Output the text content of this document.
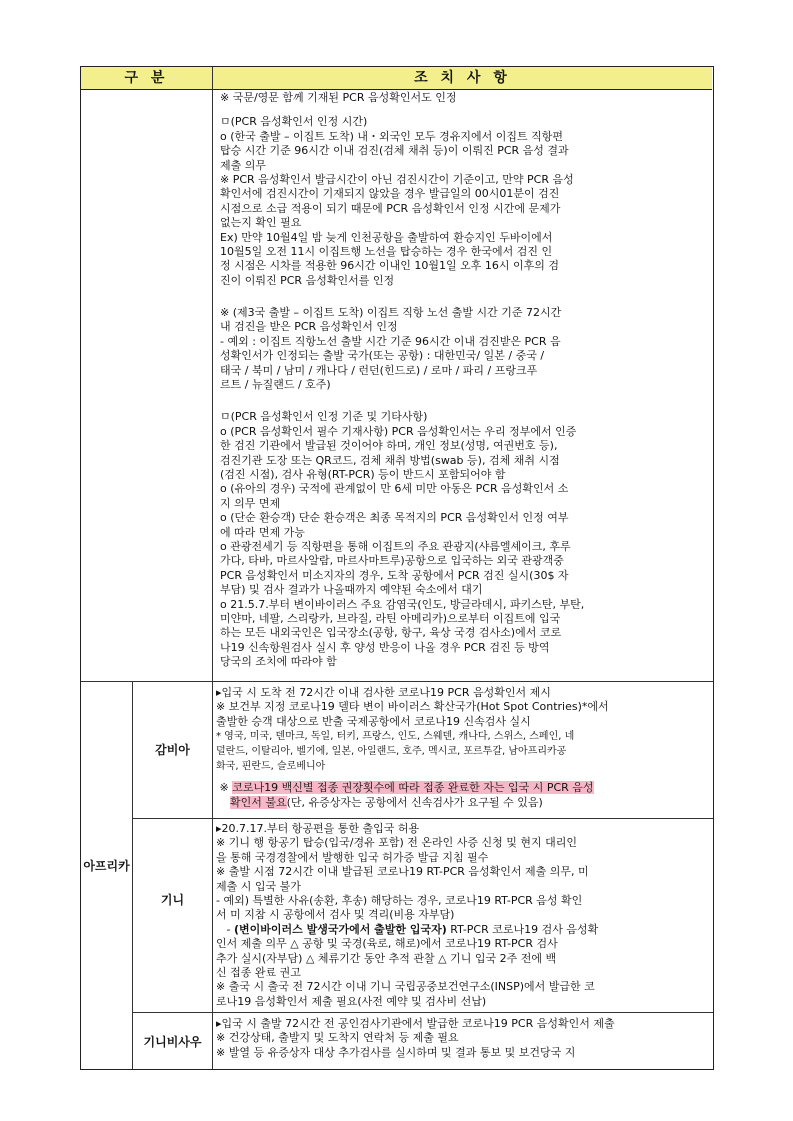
구 분	조 치 사 항
※ 국문/영문 함께 기재된 PCR 음성확인서도 인정
ㅁ(PCR 음성확인서 인정 시간)
o (한국 출발 – 이집트 도착) 내・외국인 모두 경유지에서 이집트 직항편
탑승 시간 기준 96시간 이내 검진(검체 채취 등)이 이뤄진 PCR 음성 결과
제출 의무
※ PCR 음성확인서 발급시간이 아닌 검진시간이 기준이고, 만약 PCR 음성
확인서에 검진시간이 기재되지 않았을 경우 발급일의 00시01분이 검진
시점으로 소급 적용이 되기 때문에 PCR 음성확인서 인정 시간에 문제가
없는지 확인 필요
Ex) 만약 10월4일 밤 늦게 인천공항을 출발하여 환승지인 두바이에서
10월5일 오전 11시 이집트행 노선을 탑승하는 경우 한국에서 검진 인
정 시점은 시차를 적용한 96시간 이내인 10월1일 오후 16시 이후의 검
진이 이뤄진 PCR 음성확인서를 인정
※ (제3국 출발 – 이집트 도착) 이집트 직항 노선 출발 시간 기준 72시간
내 검진을 받은 PCR 음성확인서 인정
- 예외 : 이집트 직항노선 출발 시간 기준 96시간 이내 검진받은 PCR 음
성확인서가 인정되는 출발 국가(또는 공항) : 대한민국/ 일본 / 중국 /
태국 / 북미 / 남미 / 캐나다 / 런던(힌드로) / 로마 / 파리 / 프랑크푸
르트 / 뉴질랜드 / 호주)
ㅁ(PCR 음성확인서 인정 기준 및 기타사항)
o (PCR 음성확인서 필수 기재사항) PCR 음성확인서는 우리 정부에서 인증
한 검진 기관에서 발급된 것이어야 하며, 개인 정보(성명, 여권번호 등),
검진기관 도장 또는 QR코드, 검체 채취 방법(swab 등), 검체 채취 시점
(검진 시점), 검사 유형(RT-PCR) 등이 반드시 포함되어야 함
o (유아의 경우) 국적에 관계없이 만 6세 미만 아동은 PCR 음성확인서 소
지 의무 면제
o (단순 환승객) 단순 환승객은 최종 목적지의 PCR 음성확인서 인정 여부
에 따라 면제 가능
o 관광전세기 등 직항편을 통해 이집트의 주요 관광지(샤름엘셰이크, 후루
가다, 타바, 마르사알람, 마르사마트루)공항으로 입국하는 외국 관광객중
PCR 음성확인서 미소지자의 경우, 도착 공항에서 PCR 검진 실시(30$ 자
부담) 및 검사 결과가 나올때까지 예약된 숙소에서 대기
o 21.5.7.부터 변이바이러스 주요 감염국(인도, 방글라데시, 파키스탄, 부탄,
미얀마, 네팔, 스리랑카, 브라질, 라틴 아메리카)으로부터 이집트에 입국
하는 모든 내외국인은 입국장소(공항, 항구, 육상 국경 검사소)에서 코로
나19 신속항원검사 실시 후 양성 반응이 나올 경우 PCR 검진 등 방역
당국의 조치에 따라야 함
아프리카
감비아
▸입국 시 도착 전 72시간 이내 검사한 코로나19 PCR 음성확인서 제시
※ 보건부 지정 코로나19 델타 변이 바이러스 확산국가(Hot Spot Contries)*에서
출발한 승객 대상으로 반출 국제공항에서 코로나19 신속검사 실시
* 영국, 미국, 덴마크, 독일, 터키, 프랑스, 인도, 스웨덴, 캐나다, 스위스, 스페인, 네
덜란드, 이탈리아, 벨기에, 일본, 아일랜드, 호주, 멕시코, 포르투갈, 남아프리카공
화국, 핀란드, 슬로베니아
※ 코로나19 백신별 접종 권장횟수에 따라 접종 완료한 자는 입국 시 PCR 음성
확인서 불요(단, 유증상자는 공항에서 신속검사가 요구될 수 있음)
기니
▸20.7.17.부터 항공편을 통한 출입국 허용
※ 기니 행 항공기 탑승(입국/경유 포함) 전 온라인 사증 신청 및 현지 대리인
을 통해 국경경찰에서 발행한 입국 허가증 발급 지침 필수
※ 출발 시점 72시간 이내 발급된 코로나19 RT-PCR 음성확인서 제출 의무, 미
제출 시 입국 불가
- 예외) 특별한 사유(송환, 후송) 해당하는 경우, 코로나19 RT-PCR 음성 확인
서 미 지참 시 공항에서 검사 및 격리(비용 자부담)
- (변이바이러스 발생국가에서 출발한 입국자) RT-PCR 코로나19 검사 음성확
인서 제출 의무 △ 공항 및 국경(육로, 해로)에서 코로나19 RT-PCR 검사
추가 실시(자부담) △ 체류기간 동안 추적 관찰 △ 기니 입국 2주 전에 백
신 접종 완료 권고
※ 출국 시 출국 전 72시간 이내 기니 국립공중보건연구소(INSP)에서 발급한 코
로나19 음성확인서 제출 필요(사전 예약 및 검사비 선납)
기니비사우
▸입국 시 출발 72시간 전 공인검사기관에서 발급한 코로나19 PCR 음성확인서 제출
※ 건강상태, 출발지 및 도착지 연락처 등 제출 필요
※ 발열 등 유증상자 대상 추가검사를 실시하며 및 결과 통보 및 보건당국 지
